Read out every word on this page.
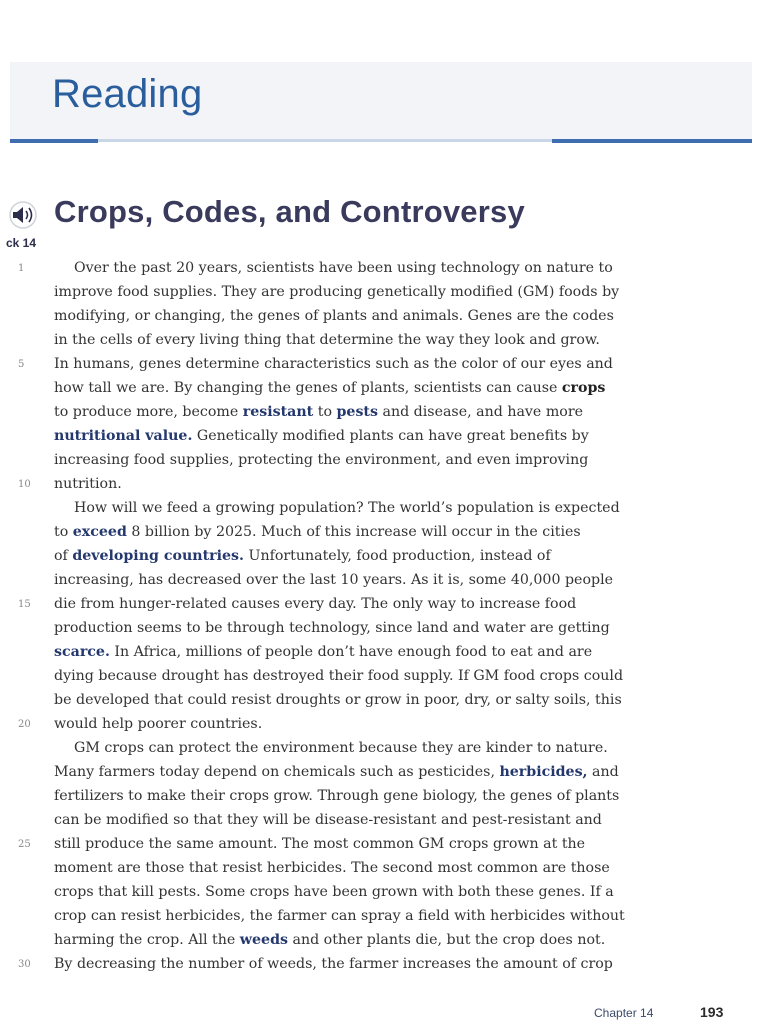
Reading
ck 14
Crops, Codes, and Controversy
1
5
10
15
20
25
30
Over the past 20 years, scientists have been using technology on nature to
improve food supplies. They are producing genetically modified (GM) foods by
modifying, or changing, the genes of plants and animals. Genes are the codes
in the cells of every living thing that determine the way they look and grow.
In humans, genes determine characteristics such as the color of our eyes and
how tall we are. By changing the genes of plants, scientists can cause crops
to produce more, become resistant to pests and disease, and have more
nutritional value. Genetically modified plants can have great benefits by
increasing food supplies, protecting the environment, and even improving
nutrition.
How will we feed a growing population? The world’s population is expected
to exceed 8 billion by 2025. Much of this increase will occur in the cities
of developing countries. Unfortunately, food production, instead of
increasing, has decreased over the last 10 years. As it is, some 40,000 people
die from hunger-related causes every day. The only way to increase food
production seems to be through technology, since land and water are getting
scarce. In Africa, millions of people don’t have enough food to eat and are
dying because drought has destroyed their food supply. If GM food crops could
be developed that could resist droughts or grow in poor, dry, or salty soils, this
would help poorer countries.
GM crops can protect the environment because they are kinder to nature.
Many farmers today depend on chemicals such as pesticides, herbicides, and
fertilizers to make their crops grow. Through gene biology, the genes of plants
can be modified so that they will be disease-resistant and pest-resistant and
still produce the same amount. The most common GM crops grown at the
moment are those that resist herbicides. The second most common are those
crops that kill pests. Some crops have been grown with both these genes. If a
crop can resist herbicides, the farmer can spray a field with herbicides without
harming the crop. All the weeds and other plants die, but the crop does not.
By decreasing the number of weeds, the farmer increases the amount of crop
Chapter 14	193
